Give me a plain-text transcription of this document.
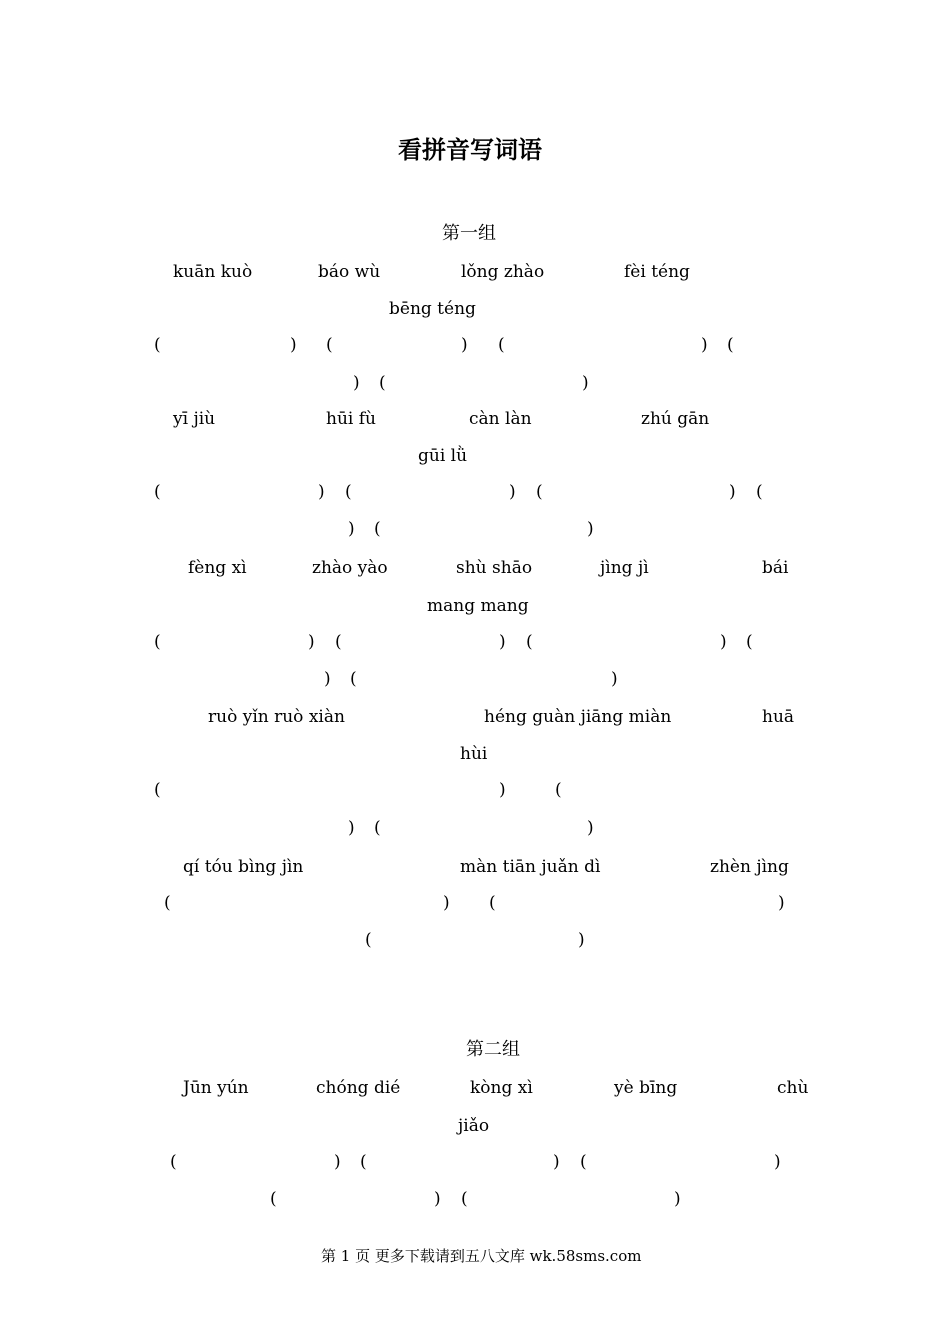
看拼音写词语
第一组
kuān kuò	báo wù	lǒng zhào	fèi téng
bēng téng
(	) (	) (	) (
) (	)
yī jiù	hūi fù	càn làn	zhú gān
gūi lǜ
(	) (	) (	) (
) (	)
fèng xì	zhào yào	shù shāo	jìng jì	bái
mang mang
(	) (	) (	) (
) (	)
ruò yǐn ruò xiàn	héng guàn jiāng miàn	huā
hùi
(	)	(
) (	)
qí tóu bìng jìn	màn tiān juǎn dì	zhèn jìng
(	) (	)
(	)
第二组
Jūn yún	chóng dié	kòng xì	yè bīng	chù
jiǎo
(	) (	) (	)
(	) (	)
第 1 页 更多下载请到五八文库 wk.58sms.com
